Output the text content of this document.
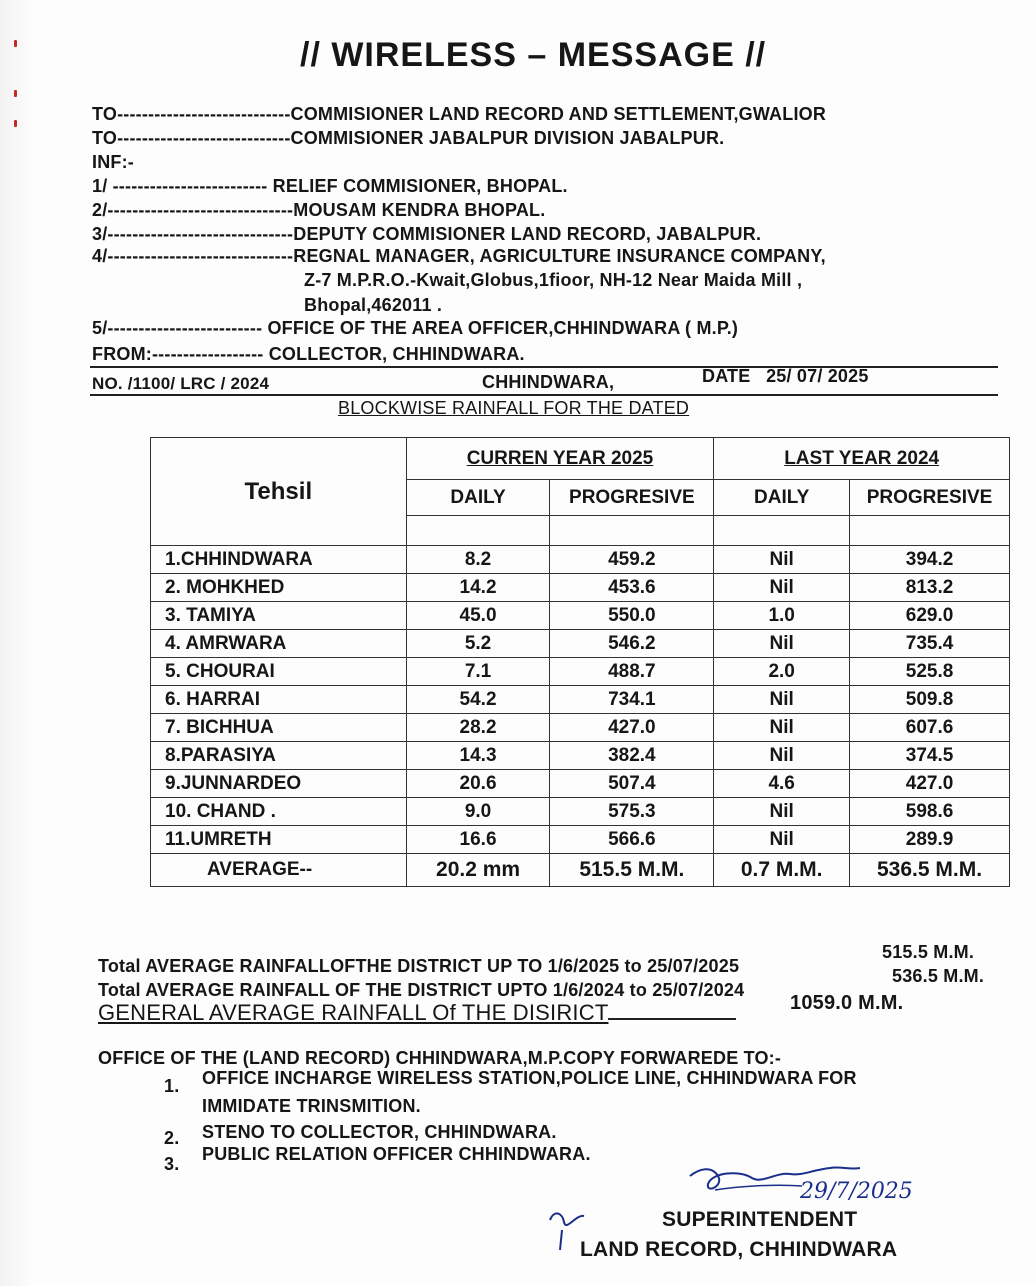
// WIRELESS – MESSAGE //
TO----------------------------COMMISIONER LAND RECORD AND SETTLEMENT,GWALIOR
TO----------------------------COMMISIONER JABALPUR DIVISION JABALPUR.
INF:-
1/ ------------------------- RELIEF COMMISIONER, BHOPAL.
2/------------------------------MOUSAM KENDRA BHOPAL.
3/------------------------------DEPUTY COMMISIONER LAND RECORD, JABALPUR.
4/------------------------------REGNAL MANAGER, AGRICULTURE INSURANCE COMPANY,
Z-7 M.P.R.O.-Kwait,Globus,1fioor, NH-12 Near Maida Mill ,
Bhopal,462011 .
5/------------------------- OFFICE OF THE AREA OFFICER,CHHINDWARA ( M.P.)
FROM:------------------ COLLECTOR, CHHINDWARA.
NO. /1100/ LRC / 2024	CHHINDWARA,	DATE 25/ 07/ 2025
BLOCKWISE RAINFALL FOR THE DATED
Tehsil	CURREN YEAR 2025		LAST YEAR 2024	
	DAILY	PROGRESIVE	DAILY	PROGRESIVE

1.CHHINDWARA	8.2	459.2	Nil	394.2
2. MOHKHED	14.2	453.6	Nil	813.2
3. TAMIYA	45.0	550.0	1.0	629.0
4. AMRWARA	5.2	546.2	Nil	735.4
5. CHOURAI	7.1	488.7	2.0	525.8
6. HARRAI	54.2	734.1	Nil	509.8
7. BICHHUA	28.2	427.0	Nil	607.6
8.PARASIYA	14.3	382.4	Nil	374.5
9.JUNNARDEO	20.6	507.4	4.6	427.0
10. CHAND .	9.0	575.3	Nil	598.6
11.UMRETH	16.6	566.6	Nil	289.9
AVERAGE--	20.2 mm	515.5 M.M.	0.7 M.M.	536.5 M.M.
Total AVERAGE RAINFALLOFTHE DISTRICT UP TO 1/6/2025 to 25/07/2025
515.5 M.M.
Total AVERAGE RAINFALL OF THE DISTRICT UPTO 1/6/2024 to 25/07/2024
536.5 M.M.
GENERAL AVERAGE RAINFALL Of THE DISIRICT	1059.0 M.M.
OFFICE OF THE (LAND RECORD) CHHINDWARA,M.P.COPY FORWAREDE TO:-
1. OFFICE INCHARGE WIRELESS STATION,POLICE LINE, CHHINDWARA FOR
IMMIDATE TRINSMITION.
2. STENO TO COLLECTOR, CHHINDWARA.
3. PUBLIC RELATION OFFICER CHHINDWARA.
29/7/2025
SUPERINTENDENT
LAND RECORD, CHHINDWARA
